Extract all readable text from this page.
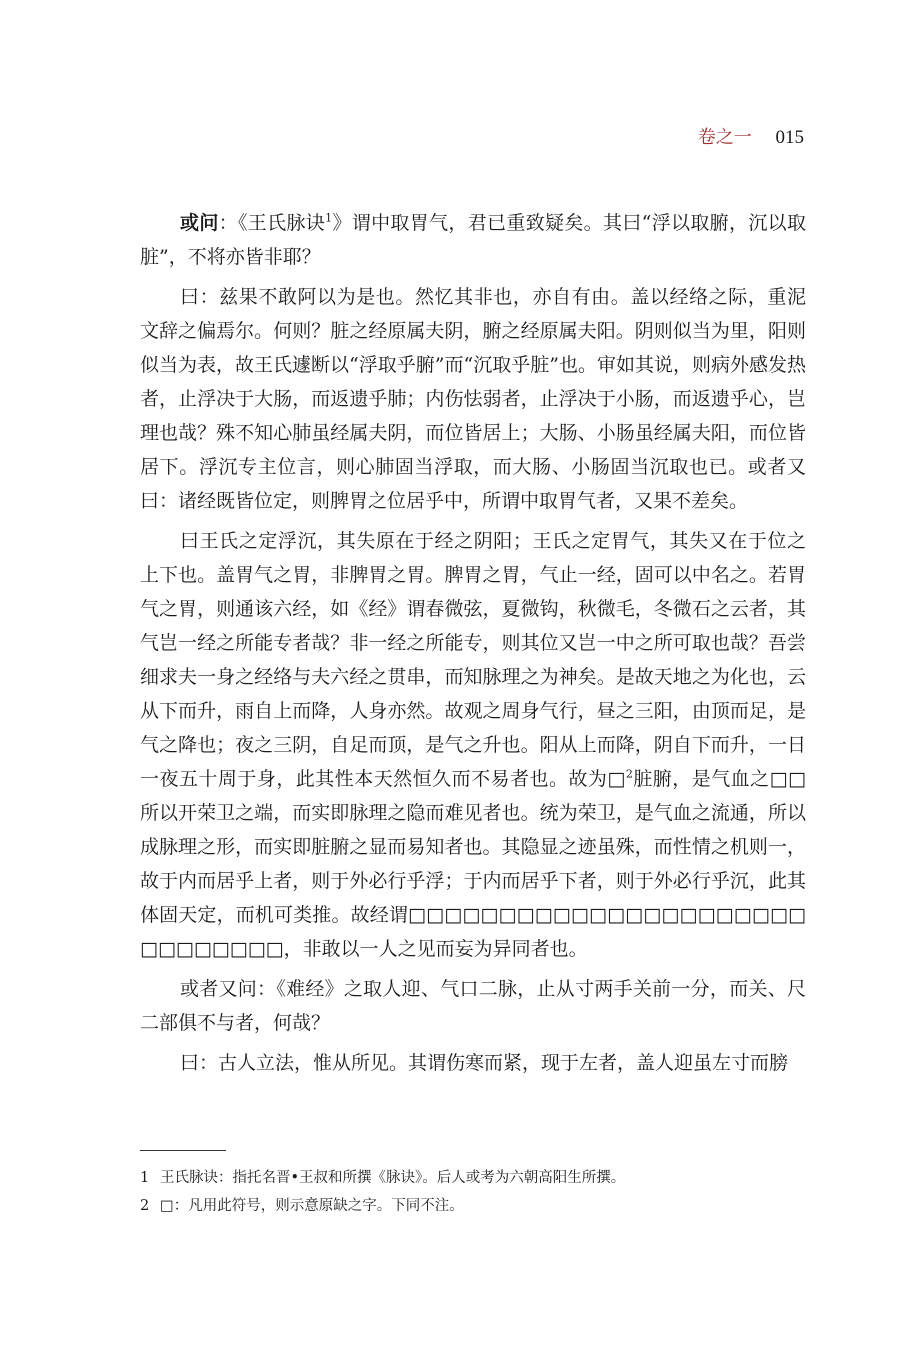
卷之一 015

或问：《王氏脉诀$^1$》谓中取胃气，君已重致疑矣。其曰“浮以取腑，沉以取脏”，不将亦皆非耶？

曰：兹果不敢阿以为是也。然忆其非也，亦自有由。盖以经络之际，重泥文辞之偏焉尔。何则？脏之经原属夫阴，腑之经原属夫阳。阴则似当为里，阳则似当为表，故王氏遽断以“浮取乎腑”而“沉取乎脏”也。审如其说，则病外感发热者，止浮决于大肠，而返遗乎肺；内伤怯弱者，止浮决于小肠，而返遗乎心，岂理也哉？殊不知心肺虽经属夫阴，而位皆居上；大肠、小肠虽经属夫阳，而位皆居下。浮沉专主位言，则心肺固当浮取，而大肠、小肠固当沉取也已。或者又曰：诸经既皆位定，则脾胃之位居乎中，所谓中取胃气者，又果不差矣。

曰王氏之定浮沉，其失原在于经之阴阳；王氏之定胃气，其失又在于位之上下也。盖胃气之胃，非脾胃之胃。脾胃之胃，气止一经，固可以中名之。若胃气之胃，则通该六经，如《经》谓春微弦，夏微钩，秋微毛，冬微石之云者，其气岂一经之所能专者哉？非一经之所能专，则其位又岂一中之所可取也哉？吾尝细求夫一身之经络与夫六经之贯串，而知脉理之为神矣。是故天地之为化也，云从下而升，雨自上而降，人身亦然。故观之周身气行，昼之三阳，由顶而足，是气之降也；夜之三阴，自足而顶，是气之升也。阳从上而降，阴自下而升，一日一夜五十周于身，此其性本天然恒久而不易者也。故为□$^2$脏腑，是气血之□□所以开荣卫之端，而实即脉理之隐而难见者也。统为荣卫，是气血之流通，所以成脉理之形，而实即脏腑之显而易知者也。其隐显之迹虽殊，而性情之机则一，故于内而居乎上者，则于外必行乎浮；于内而居乎下者，则于外必行乎沉，此其体固天定，而机可类推。故经谓□□□□□□□□□□□□□□□□□□□□□□□□□□□□□□，非敢以一人之见而妄为异同者也。

或者又问：《难经》之取人迎、气口二脉，止从寸两手关前一分，而关、尺二部俱不与者，何哉？

曰：古人立法，惟从所见。其谓伤寒而紧，现于左者，盖人迎虽左寸而膀

1 王氏脉诀：指托名晋•王叔和所撰《脉诀》。后人或考为六朝高阳生所撰。
2 □：凡用此符号，则示意原缺之字。下同不注。
